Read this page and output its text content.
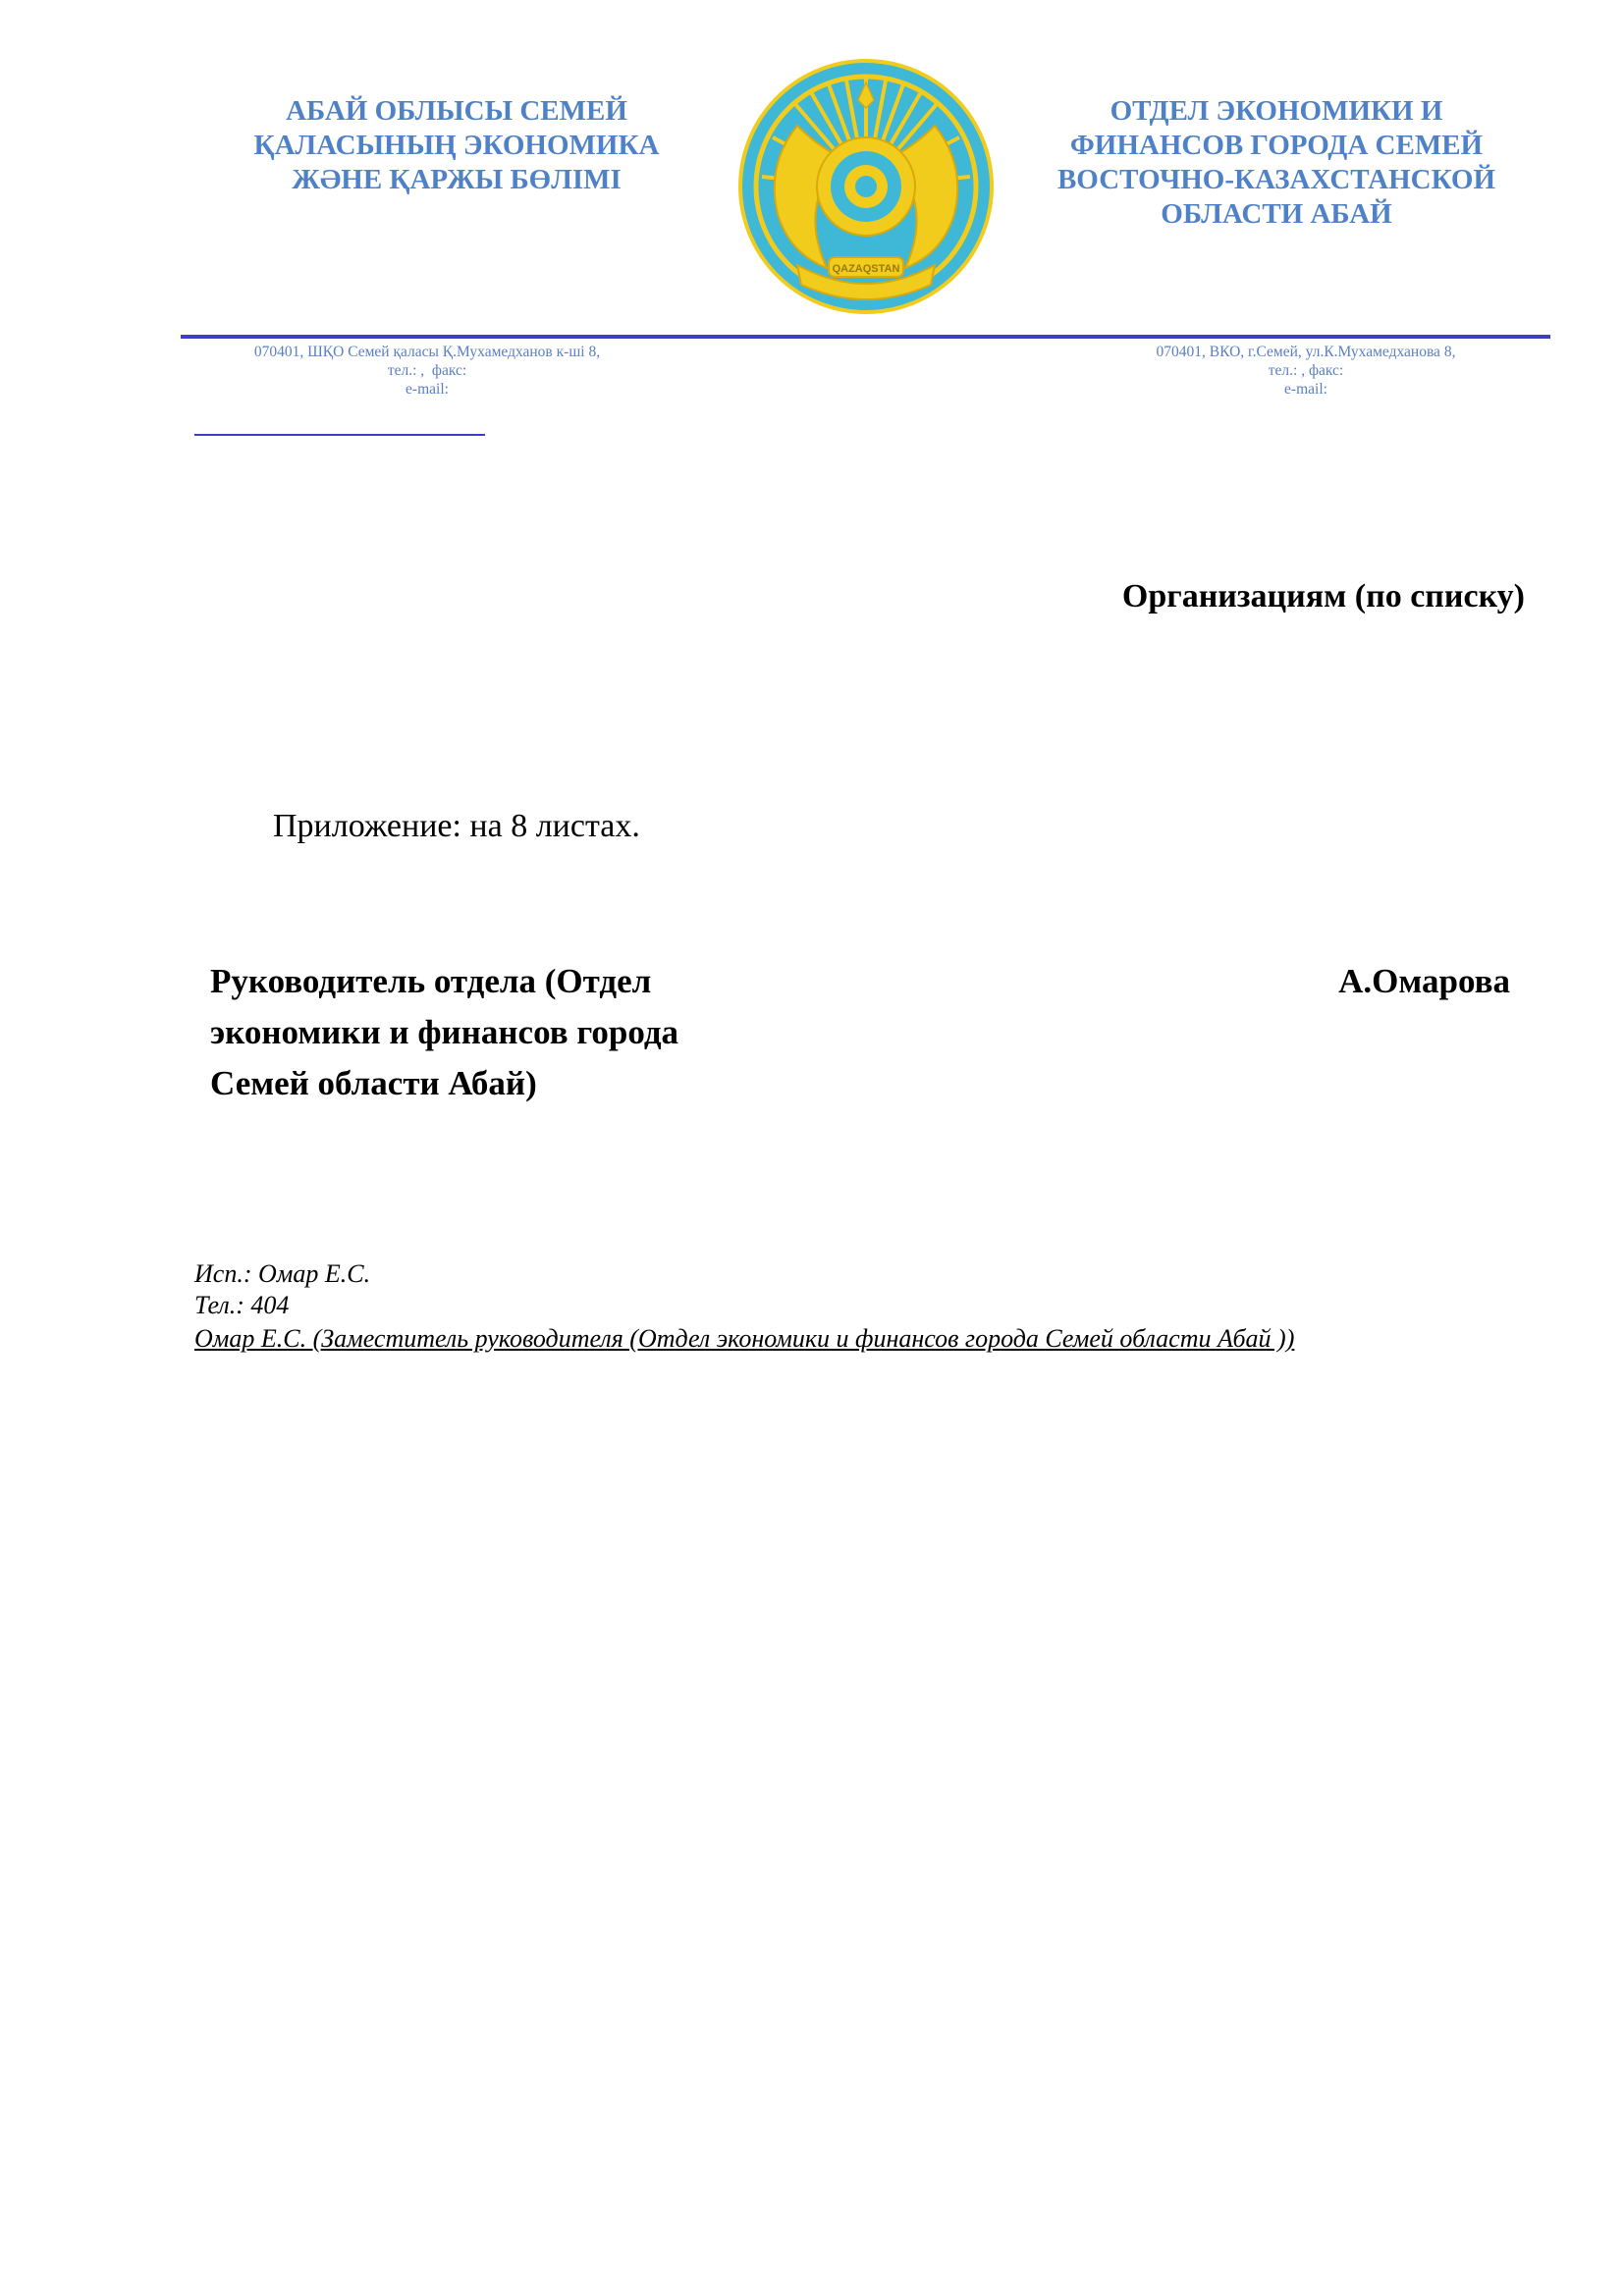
АБАЙ ОБЛЫСЫ СЕМЕЙ
ҚАЛАСЫНЫҢ ЭКОНОМИКА
ЖӘНЕ ҚАРЖЫ БӨЛІМІ

QAZAQSTAN

ОТДЕЛ ЭКОНОМИКИ И
ФИНАНСОВ ГОРОДА СЕМЕЙ
ВОСТОЧНО-КАЗАХСТАНСКОЙ
ОБЛАСТИ АБАЙ

070401, ШҚО Семей қаласы Қ.Мухамедханов к-ші 8,
тел.: ,  факс:
e-mail:

070401, ВКО, г.Семей, ул.К.Мухамедханова 8,
тел.: , факс:
e-mail:

Организациям (по списку)

Приложение: на 8 листах.

Руководитель отдела (Отдел
экономики и финансов города
Семей области Абай)

А.Омарова

Исп.: Омар Е.С.

Тел.: 404

Омар Е.С. (Заместитель руководителя (Отдел экономики и финансов города Семей области Абай ))
